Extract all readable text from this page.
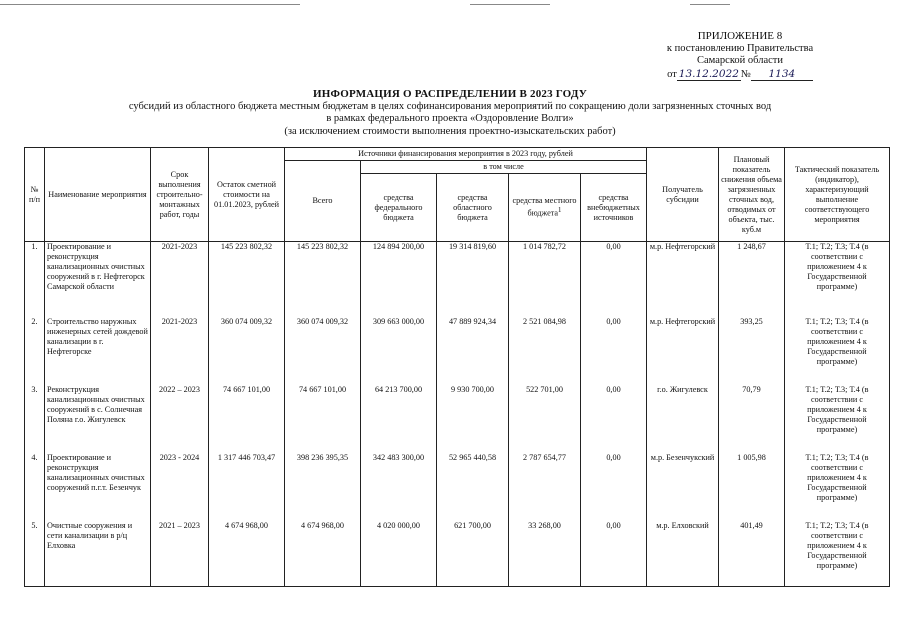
ПРИЛОЖЕНИЕ 8
к постановлению Правительства
Самарской области
от 13.12.2022 № 1134
ИНФОРМАЦИЯ О РАСПРЕДЕЛЕНИИ В 2023 ГОДУ
субсидий из областного бюджета местным бюджетам в целях софинансирования мероприятий по сокращению доли загрязненных сточных вод
в рамках федерального проекта «Оздоровление Волги»
(за исключением стоимости выполнения проектно-изыскательских работ)
№ п/п	Наименование мероприятия	Срок выполнения строительно-монтажных работ, годы	Остаток сметной стоимости на 01.01.2023, рублей	Источники финансирования мероприятия в 2023 году, рублей					Получатель субсидии	Плановый показатель снижения объема загрязненных сточных вод, отводимых от объекта, тыс. куб.м	Тактический показатель (индикатор), характеризующий выполнение соответствующего мероприятия
				Всего	в том числе						
					средства федерального бюджета	средства областного бюджета	средства местного бюджета$^1$	средства внебюджетных источников			
1.	Проектирование и реконструкция канализационных очистных сооружений в г. Нефтегорск Самарской области	2021-2023	145 223 802,32	145 223 802,32	124 894 200,00	19 314 819,60	1 014 782,72	0,00	м.р. Нефтегорский	1 248,67	Т.1; Т.2; Т.3; Т.4 (в соответствии с приложением 4 к Государственной программе)
2.	Строительство наружных инженерных сетей дождевой канализации в г. Нефтегорске	2021-2023	360 074 009,32	360 074 009,32	309 663 000,00	47 889 924,34	2 521 084,98	0,00	м.р. Нефтегорский	393,25	Т.1; Т.2; Т.3; Т.4 (в соответствии с приложением 4 к Государственной программе)
3.	Реконструкция канализационных очистных сооружений в с. Солнечная Поляна г.о. Жигулевск	2022 – 2023	74 667 101,00	74 667 101,00	64 213 700,00	9 930 700,00	522 701,00	0,00	г.о. Жигулевск	70,79	Т.1; Т.2; Т.3; Т.4 (в соответствии с приложением 4 к Государственной программе)
4.	Проектирование и реконструкция канализационных очистных сооружений п.г.т. Безенчук	2023 - 2024	1 317 446 703,47	398 236 395,35	342 483 300,00	52 965 440,58	2 787 654,77	0,00	м.р. Безенчукский	1 005,98	Т.1; Т.2; Т.3; Т.4 (в соответствии с приложением 4 к Государственной программе)
5.	Очистные сооружения и сети канализации в р/ц Елховка	2021 – 2023	4 674 968,00	4 674 968,00	4 020 000,00	621 700,00	33 268,00	0,00	м.р. Елховский	401,49	Т.1; Т.2; Т.3; Т.4 (в соответствии с приложением 4 к Государственной программе)
